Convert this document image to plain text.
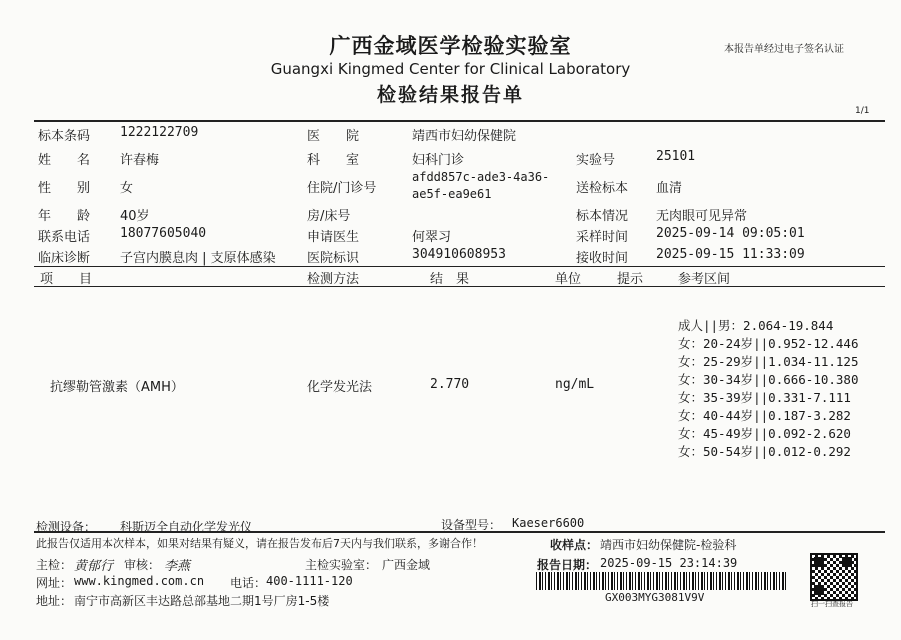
广西金域医学检验实验室
Guangxi Kingmed Center for Clinical Laboratory
检验结果报告单
本报告单经过电子签名认证
1/1
标本条码 1222122709	医　　院	靖西市妇幼保健院
姓　　名 许春梅	科　　室	妇科门诊	实验号	25101
性　　别 女	住院/门诊号
afdd857c-ade3-4a36-
ae5f-ea9e61	送检标本 血清
年　　龄 40岁	房/床号	标本情况 无肉眼可见异常
联系电话 18077605040	申请医生	何翠习	采样时间 2025-09-14 09:05:01
临床诊断 子宫内膜息肉 | 支原体感染 医院标识	304910608953	接收时间 2025-09-15 11:33:09
项　　目	检测方法	结　果	单位	提示	参考区间
抗缪勒管激素（AMH）	化学发光法	2.770	ng/mL
成人||男：2.064-19.844
女：20-24岁||0.952-12.446
女：25-29岁||1.034-11.125
女：30-34岁||0.666-10.380
女：35-39岁||0.331-7.111
女：40-44岁||0.187-3.282
女：45-49岁||0.092-2.620
女：50-54岁||0.012-0.292
检测设备： 科斯迈全自动化学发光仪	设备型号： Kaeser6600
此报告仅适用本次样本，如果对结果有疑义，请在报告发布后7天内与我们联系，多谢合作！	收样点： 靖西市妇幼保健院-检验科
主检： 黄郁行 审核： 李燕	主检实验室： 广西金域	报告日期： 2025-09-15 23:14:39
网址： www.kingmed.com.cn 电话： 400-1111-120
地址： 南宁市高新区丰达路总部基地二期1号厂房1-5楼	GX003MYG3081V9V	扫一扫查报告
